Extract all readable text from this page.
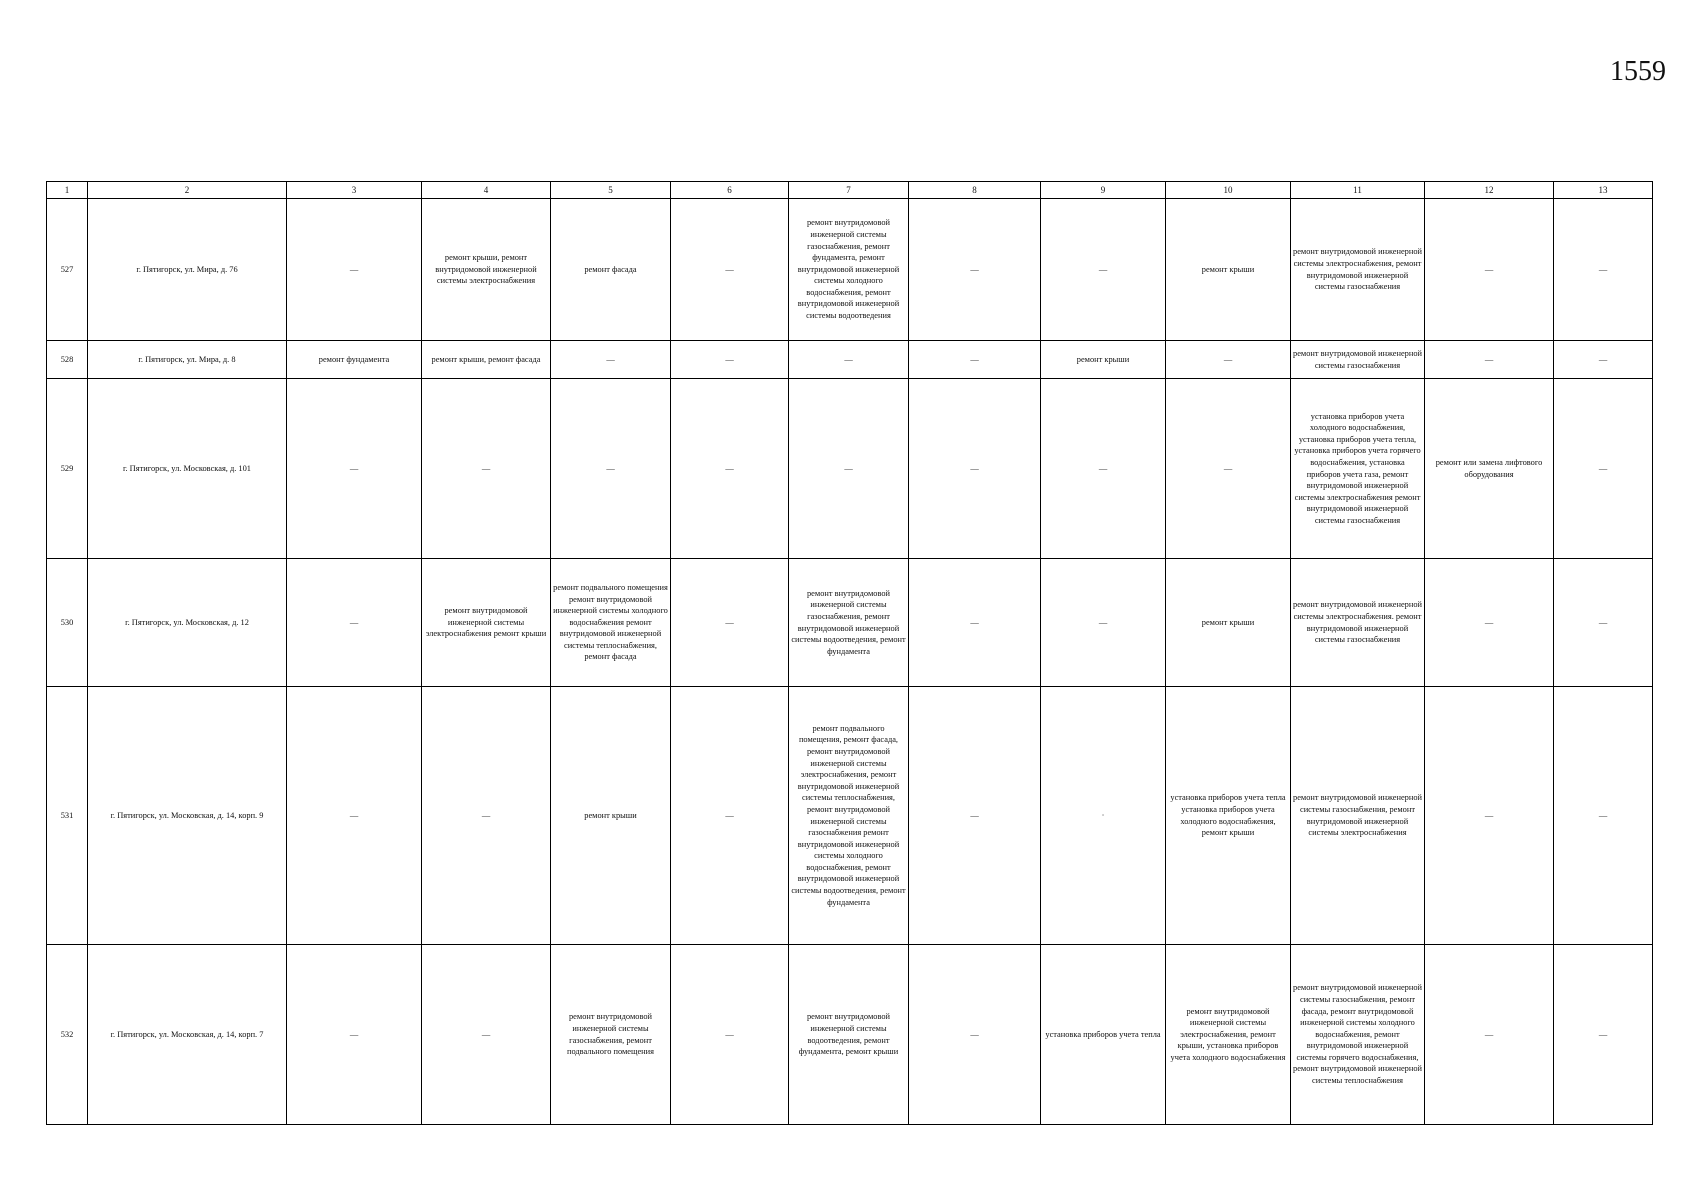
1559
1	2	3	4	5	6	7	8	9	10	11	12	13
527	г. Пятигорск, ул. Мира, д. 76	—	ремонт крыши, ремонт внутридомовой инженерной системы электроснабжения	ремонт фасада	—	ремонт внутридомовой инженерной системы газоснабжения, ремонт фундамента, ремонт внутридомовой инженерной системы холодного водоснабжения, ремонт внутридомовой инженерной системы водоотведения	—	—	ремонт крыши	ремонт внутридомовой инженерной системы электроснабжения, ремонт внутридомовой инженерной системы газоснабжения	—	—
528	г. Пятигорск, ул. Мира, д. 8	ремонт фундамента	ремонт крыши, ремонт фасада	—	—	—	—	ремонт крыши	—	ремонт внутридомовой инженерной системы газоснабжения	—	—
529	г. Пятигорск, ул. Московская, д. 101	—	—	—	—	—	—	—	—	установка приборов учета холодного водоснабжения, установка приборов учета тепла, установка приборов учета горячего водоснабжения, установка приборов учета газа, ремонт внутридомовой инженерной системы электроснабжения ремонт внутридомовой инженерной системы газоснабжения	ремонт или замена лифтового оборудования	—
530	г. Пятигорск, ул. Московская, д. 12	—	ремонт внутридомовой инженерной системы электроснабжения ремонт крыши	ремонт подвального помещения ремонт внутридомовой инженерной системы холодного водоснабжения ремонт внутридомовой инженерной системы теплоснабжения, ремонт фасада	—	ремонт внутридомовой инженерной системы газоснабжения, ремонт внутридомовой инженерной системы водоотведения, ремонт фундамента	—	—	ремонт крыши	ремонт внутридомовой инженерной системы электроснабжения. ремонт внутридомовой инженерной системы газоснабжения	—	—
531	г. Пятигорск, ул. Московская, д. 14, корп. 9	—	—	ремонт крыши	—	ремонт подвального помещения, ремонт фасада, ремонт внутридомовой инженерной системы электроснабжения, ремонт внутридомовой инженерной системы теплоснабжения, ремонт внутридомовой инженерной системы газоснабжения ремонт внутридомовой инженерной системы холодного водоснабжения, ремонт внутридомовой инженерной системы водоотведения, ремонт фундамента	—	·	установка приборов учета тепла установка приборов учета холодного водоснабжения, ремонт крыши	ремонт внутридомовой инженерной системы газоснабжения, ремонт внутридомовой инженерной системы электроснабжения	—	—
532	г. Пятигорск, ул. Московская, д. 14, корп. 7	—	—	ремонт внутридомовой инженерной системы газоснабжения, ремонт подвального помещения	—	ремонт внутридомовой инженерной системы водоотведения, ремонт фундамента, ремонт крыши	—	установка приборов учета тепла	ремонт внутридомовой инженерной системы электроснабжения, ремонт крыши, установка приборов учета холодного водоснабжения	ремонт внутридомовой инженерной системы газоснабжения, ремонт фасада, ремонт внутридомовой инженерной системы холодного водоснабжения, ремонт внутридомовой инженерной системы горячего водоснабжения, ремонт внутридомовой инженерной системы теплоснабжения	—	—
